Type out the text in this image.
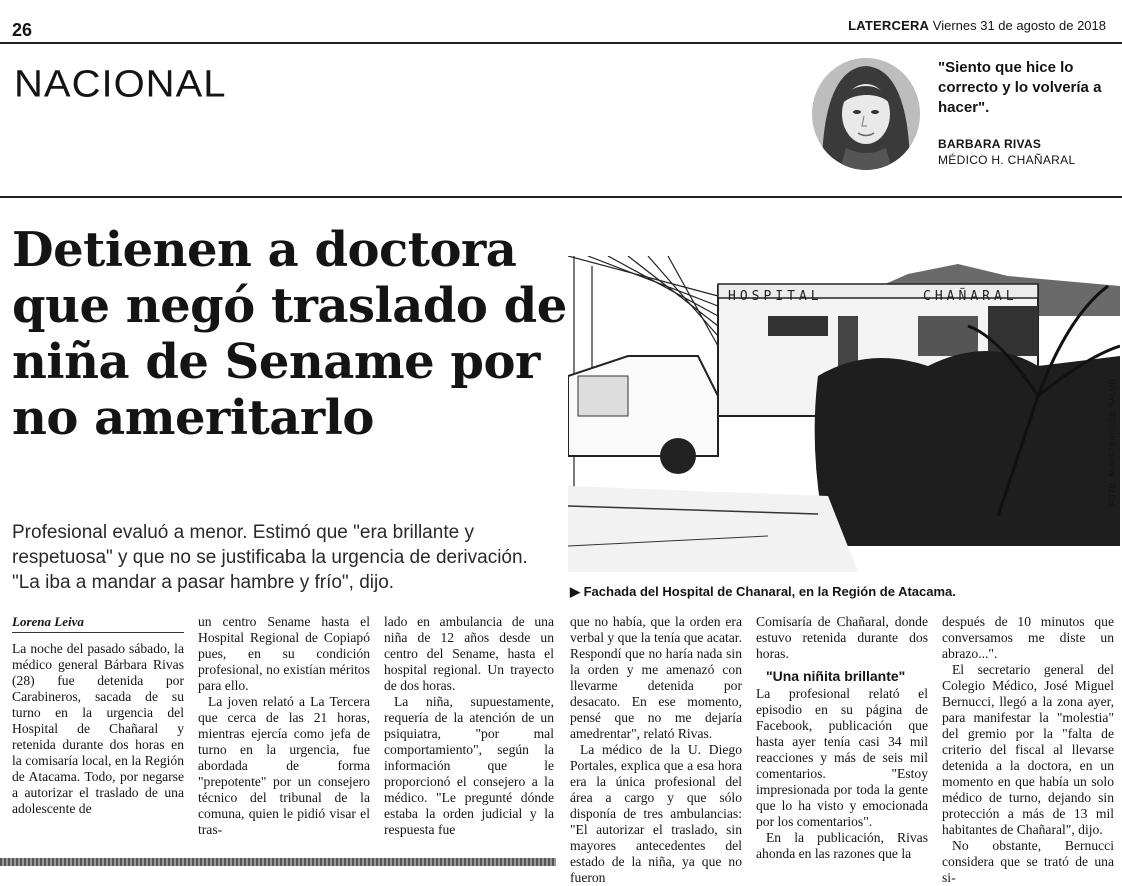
26	LATERCERA Viernes 31 de agosto de 2018
NACIONAL	"Siento que hice lo correcto y lo volvería a hacer".
BARBARA RIVAS
MÉDICO H. CHAÑARAL
Detienen a doctora que negó traslado de niña de Sename por no ameritarlo
HOSPITAL	CHAÑARAL
FOTO: MINISTERIO DE SALUD
Profesional evaluó a menor. Estimó que "era brillante y respetuosa" y que no se justificaba la urgencia de derivación. "La iba a mandar a pasar hambre y frío", dijo.	▶ Fachada del Hospital de Chanaral, en la Región de Atacama.
Lorena Leiva

La noche del pasado sábado, la médico general Bárbara Rivas (28) fue detenida por Carabineros, sacada de su turno en la urgencia del Hospital de Chañaral y retenida durante dos horas en la comisaría local, en la Región de Atacama. Todo, por negarse a autorizar el traslado de una adolescente de

un centro Sename hasta el Hospital Regional de Copiapó pues, en su condición profesional, no existían méritos para ello.

La joven relató a La Tercera que cerca de las 21 horas, mientras ejercía como jefa de turno en la urgencia, fue abordada de forma "prepotente" por un consejero técnico del tribunal de la comuna, quien le pidió visar el tras-

lado en ambulancia de una niña de 12 años desde un centro del Sename, hasta el hospital regional. Un trayecto de dos horas.

La niña, supuestamente, requería de la atención de un psiquiatra, "por mal comportamiento", según la información que le proporcionó el consejero a la médico. "Le pregunté dónde estaba la orden judicial y la respuesta fue

que no había, que la orden era verbal y que la tenía que acatar. Respondí que no haría nada sin la orden y me amenazó con llevarme detenida por desacato. En ese momento, pensé que no me dejaría amedrentar", relató Rivas.

La médico de la U. Diego Portales, explica que a esa hora era la única profesional del área a cargo y que sólo disponía de tres ambulancias: "El autorizar el traslado, sin mayores antecedentes del estado de la niña, ya que no fueron

Comisaría de Chañaral, donde estuvo retenida durante dos horas.

"Una niñita brillante"

La profesional relató el episodio en su página de Facebook, publicación que hasta ayer tenía casi 34 mil reacciones y más de seis mil comentarios. "Estoy impresionada por toda la gente que lo ha visto y emocionada por los comentarios".

En la publicación, Rivas ahonda en las razones que la

después de 10 minutos que conversamos me diste un abrazo...".

El secretario general del Colegio Médico, José Miguel Bernucci, llegó a la zona ayer, para manifestar la "molestia" del gremio por la "falta de criterio del fiscal al llevarse detenida a la doctora, en un momento en que había un solo médico de turno, dejando sin protección a más de 13 mil habitantes de Chañaral", dijo.

No obstante, Bernucci considera que se trató de una si-
